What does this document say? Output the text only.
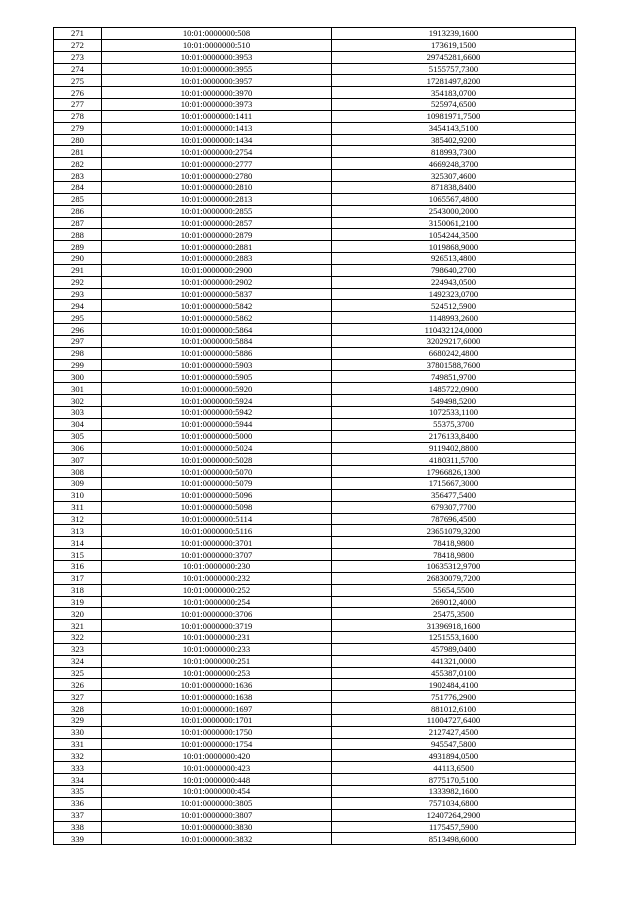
271	10:01:0000000:508	1913239,1600
272	10:01:0000000:510	173619,1500
273	10:01:0000000:3953	29745281,6600
274	10:01:0000000:3955	5155757,7300
275	10:01:0000000:3957	17281497,8200
276	10:01:0000000:3970	354183,0700
277	10:01:0000000:3973	525974,6500
278	10:01:0000000:1411	10981971,7500
279	10:01:0000000:1413	3454143,5100
280	10:01:0000000:1434	385402,9200
281	10:01:0000000:2754	818993,7300
282	10:01:0000000:2777	4669248,3700
283	10:01:0000000:2780	325307,4600
284	10:01:0000000:2810	871838,8400
285	10:01:0000000:2813	1065567,4800
286	10:01:0000000:2855	2543000,2000
287	10:01:0000000:2857	3150061,2100
288	10:01:0000000:2879	1054244,3500
289	10:01:0000000:2881	1019868,9000
290	10:01:0000000:2883	926513,4800
291	10:01:0000000:2900	798640,2700
292	10:01:0000000:2902	224943,0500
293	10:01:0000000:5837	1492323,0700
294	10:01:0000000:5842	524512,5900
295	10:01:0000000:5862	1148993,2600
296	10:01:0000000:5864	110432124,0000
297	10:01:0000000:5884	32029217,6000
298	10:01:0000000:5886	6680242,4800
299	10:01:0000000:5903	37801588,7600
300	10:01:0000000:5905	749851,9700
301	10:01:0000000:5920	1485722,0900
302	10:01:0000000:5924	549498,5200
303	10:01:0000000:5942	1072533,1100
304	10:01:0000000:5944	55375,3700
305	10:01:0000000:5000	2176133,8400
306	10:01:0000000:5024	9119402,8800
307	10:01:0000000:5028	4180311,5700
308	10:01:0000000:5070	17966826,1300
309	10:01:0000000:5079	1715667,3000
310	10:01:0000000:5096	356477,5400
311	10:01:0000000:5098	679307,7700
312	10:01:0000000:5114	787696,4500
313	10:01:0000000:5116	23651079,3200
314	10:01:0000000:3701	78418,9800
315	10:01:0000000:3707	78418,9800
316	10:01:0000000:230	10635312,9700
317	10:01:0000000:232	26830079,7200
318	10:01:0000000:252	55654,5500
319	10:01:0000000:254	269012,4000
320	10:01:0000000:3706	25475,3500
321	10:01:0000000:3719	31396918,1600
322	10:01:0000000:231	1251553,1600
323	10:01:0000000:233	457989,0400
324	10:01:0000000:251	441321,0000
325	10:01:0000000:253	455387,0100
326	10:01:0000000:1636	1902484,4100
327	10:01:0000000:1638	751776,2900
328	10:01:0000000:1697	881012,6100
329	10:01:0000000:1701	11004727,6400
330	10:01:0000000:1750	2127427,4500
331	10:01:0000000:1754	945547,5800
332	10:01:0000000:420	4931894,0500
333	10:01:0000000:423	44113,6500
334	10:01:0000000:448	8775170,5100
335	10:01:0000000:454	1333982,1600
336	10:01:0000000:3805	7571034,6800
337	10:01:0000000:3807	12407264,2900
338	10:01:0000000:3830	1175457,5900
339	10:01:0000000:3832	8513498,6000
